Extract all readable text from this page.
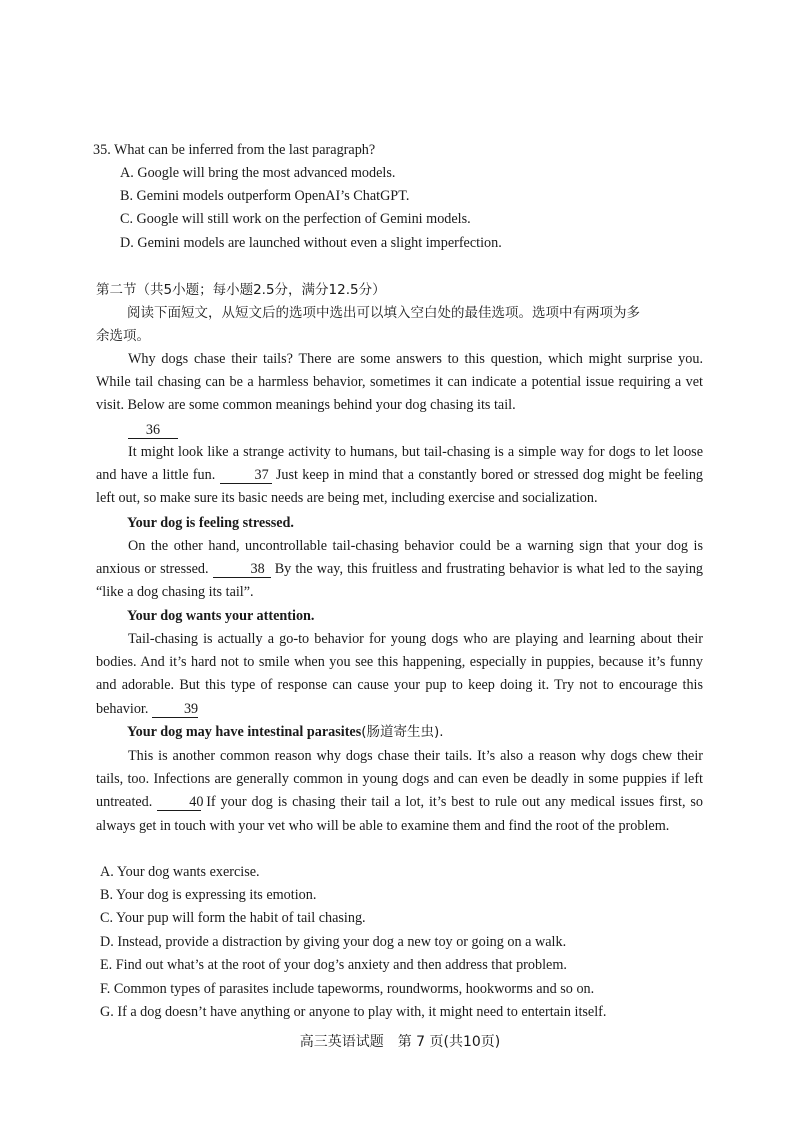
35. What can be inferred from the last paragraph?
A. Google will bring the most advanced models.
B. Gemini models outperform OpenAI’s ChatGPT.
C. Google will still work on the perfection of Gemini models.
D. Gemini models are launched without even a slight imperfection.
第二节（共5小题；每小题2.5分，满分12.5分）
阅读下面短文，从短文后的选项中选出可以填入空白处的最佳选项。选项中有两项为多
余选项。
Why dogs chase their tails? There are some answers to this question, which might surprise you. While tail chasing can be a harmless behavior, sometimes it can indicate a potential issue requiring a vet visit. Below are some common meanings behind your dog chasing its tail.
36
It might look like a strange activity to humans, but tail-chasing is a simple way for dogs to let loose and have a little fun.	37 Just keep in mind that a constantly bored or stressed dog might be feeling left out, so make sure its basic needs are being met, including exercise and socialization.
Your dog is feeling stressed.
On the other hand, uncontrollable tail-chasing behavior could be a warning sign that your dog is anxious or stressed.	38 By the way, this fruitless and frustrating behavior is what led to the saying “like a dog chasing its tail”.
Your dog wants your attention.
Tail-chasing is actually a go-to behavior for young dogs who are playing and learning about their bodies. And it’s hard not to smile when you see this happening, especially in puppies, because it’s funny and adorable. But this type of response can cause your pup to keep doing it. Try not to encourage this behavior.	39
Your dog may have intestinal parasites(肠道寄生虫).
This is another common reason why dogs chase their tails. It’s also a reason why dogs chew their tails, too. Infections are generally common in young dogs and can even be deadly in some puppies if left untreated.	40 If your dog is chasing their tail a lot, it’s best to rule out any medical issues first, so always get in touch with your vet who will be able to examine them and find the root of the problem.
A. Your dog wants exercise.
B. Your dog is expressing its emotion.
C. Your pup will form the habit of tail chasing.
D. Instead, provide a distraction by giving your dog a new toy or going on a walk.
E. Find out what’s at the root of your dog’s anxiety and then address that problem.
F. Common types of parasites include tapeworms, roundworms, hookworms and so on.
G. If a dog doesn’t have anything or anyone to play with, it might need to entertain itself.
高三英语试题　第 7 页(共10页)
